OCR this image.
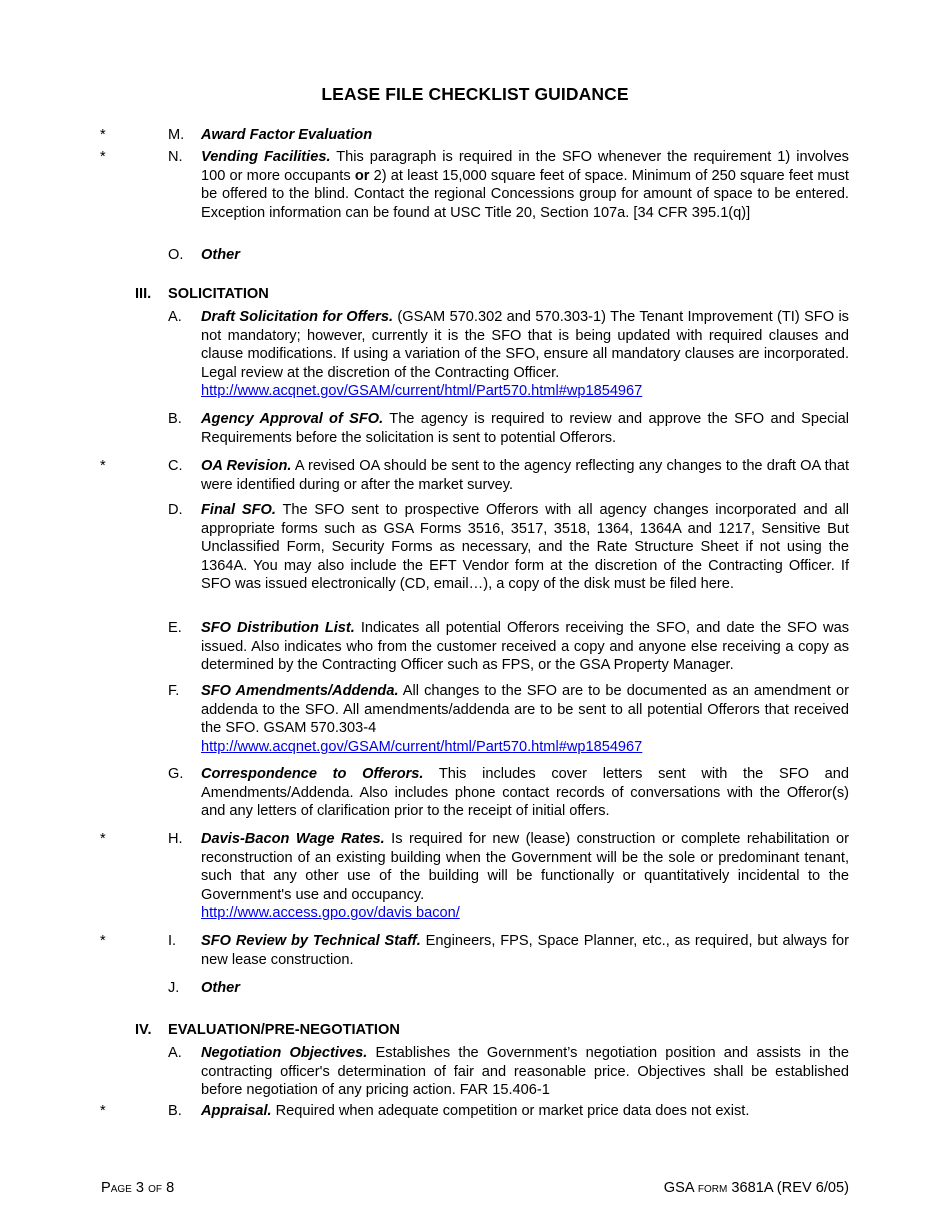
LEASE FILE CHECKLIST GUIDANCE
*	M. Award Factor Evaluation
*	N. Vending Facilities. This paragraph is required in the SFO whenever the requirement 1) involves 100 or more occupants or 2) at least 15,000 square feet of space. Minimum of 250 square feet must be offered to the blind. Contact the regional Concessions group for amount of space to be entered. Exception information can be found at USC Title 20, Section 107a. [34 CFR 395.1(q)]
O. Other
III. SOLICITATION
A. Draft Solicitation for Offers. (GSAM 570.302 and 570.303-1) The Tenant Improvement (TI) SFO is not mandatory; however, currently it is the SFO that is being updated with required clauses and clause modifications. If using a variation of the SFO, ensure all mandatory clauses are incorporated. Legal review at the discretion of the Contracting Officer.
http://www.acqnet.gov/GSAM/current/html/Part570.html#wp1854967
B. Agency Approval of SFO. The agency is required to review and approve the SFO and Special Requirements before the solicitation is sent to potential Offerors.
*	C. OA Revision. A revised OA should be sent to the agency reflecting any changes to the draft OA that were identified during or after the market survey.
D. Final SFO. The SFO sent to prospective Offerors with all agency changes incorporated and all appropriate forms such as GSA Forms 3516, 3517, 3518, 1364, 1364A and 1217, Sensitive But Unclassified Form, Security Forms as necessary, and the Rate Structure Sheet if not using the 1364A. You may also include the EFT Vendor form at the discretion of the Contracting Officer. If SFO was issued electronically (CD, email…), a copy of the disk must be filed here.
E. SFO Distribution List. Indicates all potential Offerors receiving the SFO, and date the SFO was issued. Also indicates who from the customer received a copy and anyone else receiving a copy as determined by the Contracting Officer such as FPS, or the GSA Property Manager.
F. SFO Amendments/Addenda. All changes to the SFO are to be documented as an amendment or addenda to the SFO. All amendments/addenda are to be sent to all potential Offerors that received the SFO. GSAM 570.303-4
http://www.acqnet.gov/GSAM/current/html/Part570.html#wp1854967
G. Correspondence to Offerors. This includes cover letters sent with the SFO and Amendments/Addenda. Also includes phone contact records of conversations with the Offeror(s) and any letters of clarification prior to the receipt of initial offers.
*	H. Davis-Bacon Wage Rates. Is required for new (lease) construction or complete rehabilitation or reconstruction of an existing building when the Government will be the sole or predominant tenant, such that any other use of the building will be functionally or quantitatively incidental to the Government's use and occupancy.
http://www.access.gpo.gov/davis bacon/
*	I. SFO Review by Technical Staff. Engineers, FPS, Space Planner, etc., as required, but always for new lease construction.
J. Other
IV. EVALUATION/PRE-NEGOTIATION
A. Negotiation Objectives. Establishes the Government’s negotiation position and assists in the contracting officer's determination of fair and reasonable price. Objectives shall be established before negotiation of any pricing action. FAR 15.406-1
*	B. Appraisal. Required when adequate competition or market price data does not exist.
Page 3 of 8	GSA form 3681A (REV 6/05)
